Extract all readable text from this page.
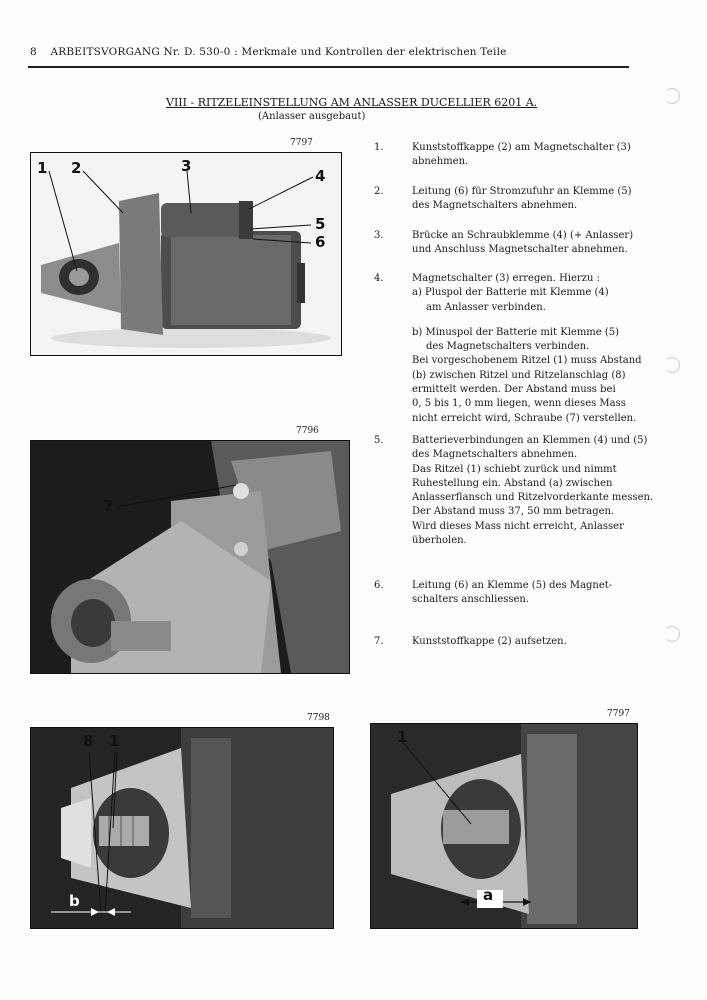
8 ARBEITSVORGANG Nr. D. 530-0 : Merkmale und Kontrollen der elektrischen Teile
VIII - RITZELEINSTELLUNG AM ANLASSER DUCELLIER 6201 A.
(Anlasser ausgebaut)
7797
1 2	3
4
5
6
7796
7
7798
8 1
b
7797
1
a
1.	Kunststoffkappe (2) am Magnetschalter (3)
abnehmen.
2.	Leitung (6) für Stromzufuhr an Klemme (5)
des Magnetschalters abnehmen.
3.	Brücke an Schraubklemme (4) (+ Anlasser)
und Anschluss Magnetschalter abnehmen.
4.	Magnetschalter (3) erregen. Hierzu :
a) Pluspol der Batterie mit Klemme (4)
am Anlasser verbinden.
b) Minuspol der Batterie mit Klemme (5)
des Magnetschalters verbinden.
Bei vorgeschobenem Ritzel (1) muss Abstand
(b) zwischen Ritzel und Ritzelanschlag (8)
ermittelt werden. Der Abstand muss bei
0, 5 bis 1, 0 mm liegen, wenn dieses Mass
nicht erreicht wird, Schraube (7) verstellen.
5.	Batterieverbindungen an Klemmen (4) und (5)
des Magnetschalters abnehmen.
Das Ritzel (1) schiebt zurück und nimmt
Ruhestellung ein. Abstand (a) zwischen
Anlasserflansch und Ritzelvorderkante messen.
Der Abstand muss 37, 50 mm betragen.
Wird dieses Mass nicht erreicht, Anlasser
überholen.
6.	Leitung (6) an Klemme (5) des Magnet-
schalters anschliessen.
7.	Kunststoffkappe (2) aufsetzen.
